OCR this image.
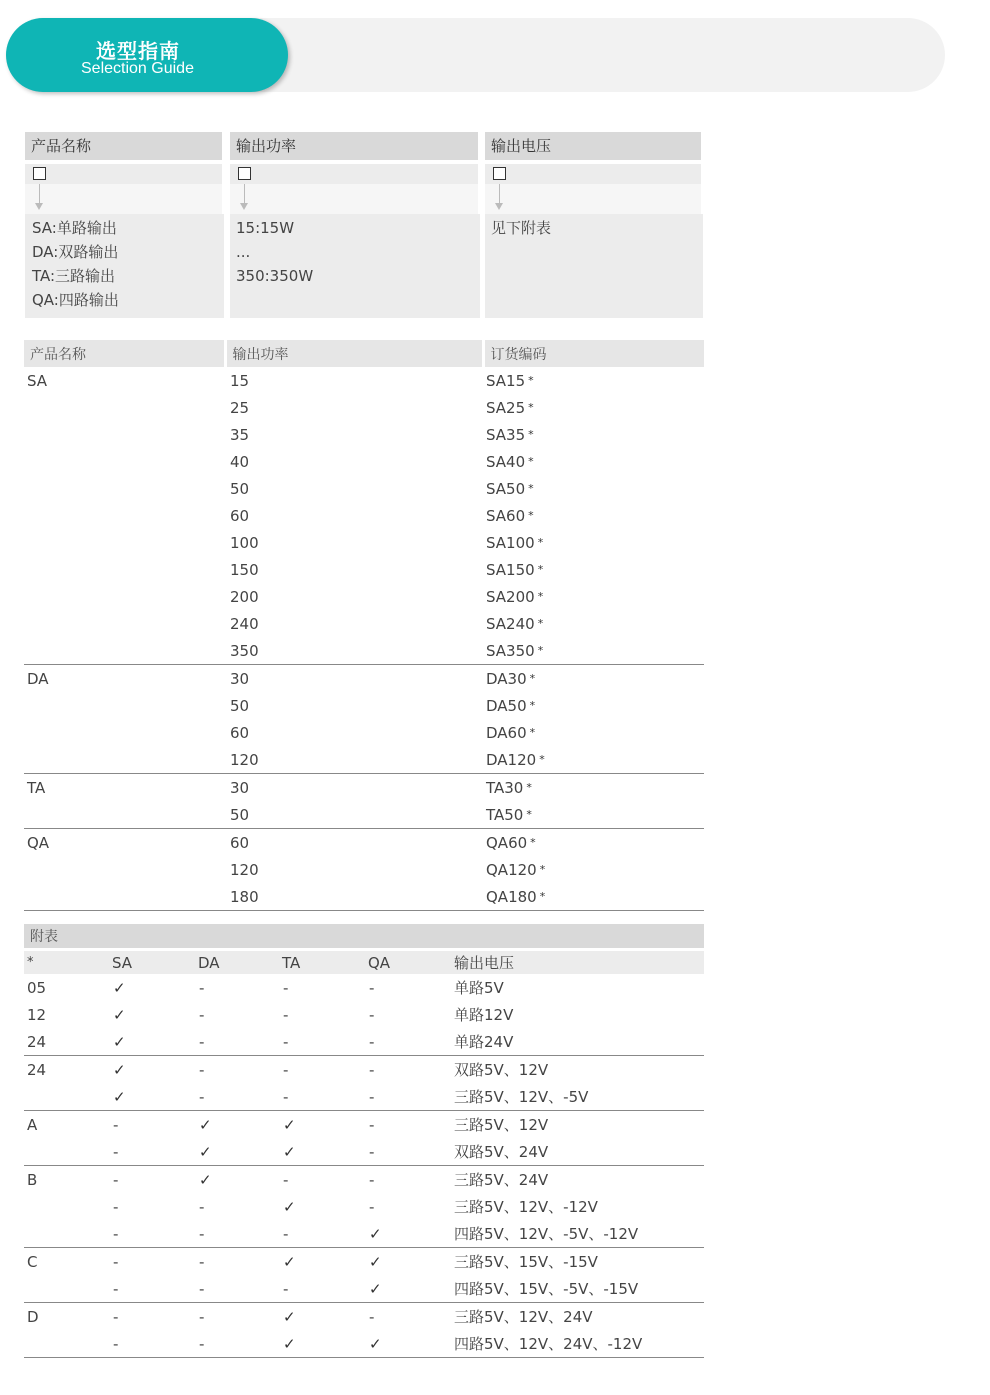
选型指南
Selection Guide
产品名称
SA:单路输出
DA:双路输出
TA:三路输出
QA:四路输出
输出功率
15:15W
...
350:350W
输出电压
见下附表
产品名称	输出功率	订货编码
SA	15	SA15 *
	25	SA25 *
	35	SA35 *
	40	SA40 *
	50	SA50 *
	60	SA60 *
	100	SA100 *
	150	SA150 *
	200	SA200 *
	240	SA240 *
	350	SA350 *
DA	30	DA30 *
	50	DA50 *
	60	DA60 *
	120	DA120 *
TA	30	TA30 *
	50	TA50 *
QA	60	QA60 *
	120	QA120 *
	180	QA180 *
附表					
*	SA	DA	TA	QA	输出电压
05	✓	-	-	-	单路5V
12	✓	-	-	-	单路12V
24	✓	-	-	-	单路24V
24	✓	-	-	-	双路5V、12V
	✓	-	-	-	三路5V、12V、-5V
A	-	✓	✓	-	三路5V、12V
	-	✓	✓	-	双路5V、24V
B	-	✓	-	-	三路5V、24V
	-	-	✓	-	三路5V、12V、-12V
	-	-	-	✓	四路5V、12V、-5V、-12V
C	-	-	✓	✓	三路5V、15V、-15V
	-	-	-	✓	四路5V、15V、-5V、-15V
D	-	-	✓	-	三路5V、12V、24V
	-	-	✓	✓	四路5V、12V、24V、-12V
